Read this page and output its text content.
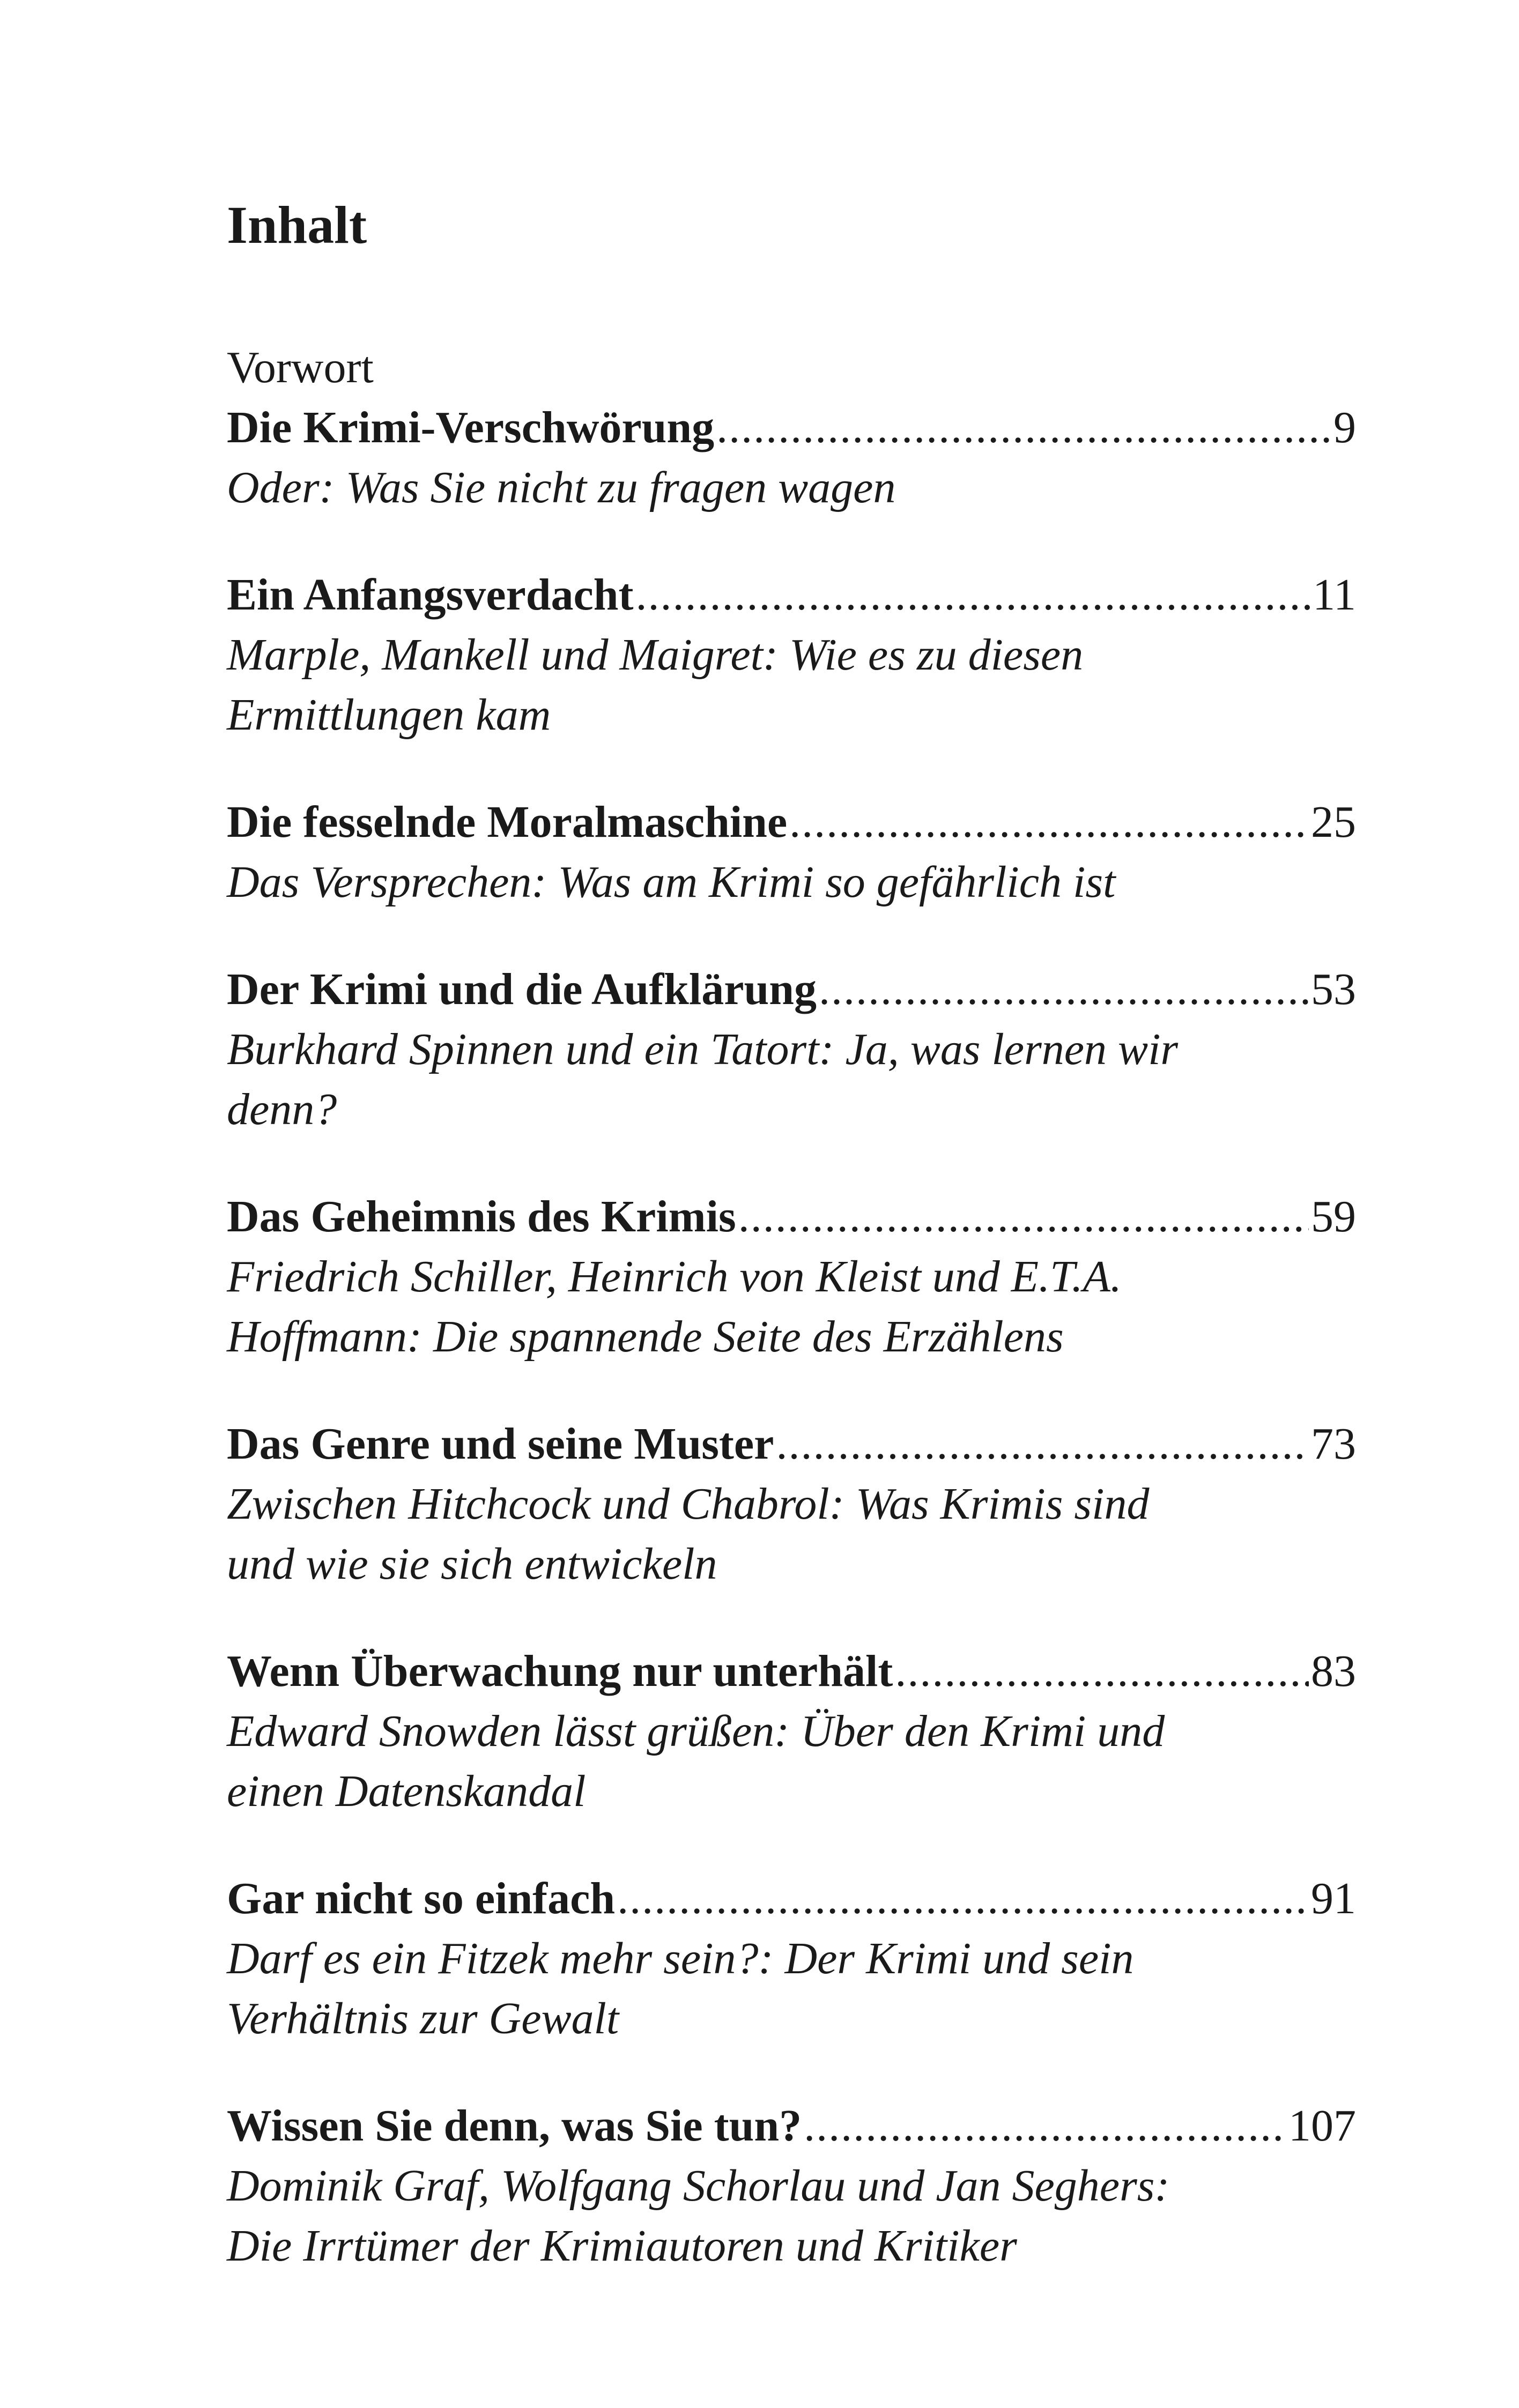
Inhalt
Vorwort
Die Krimi-Verschwörung .....	9
Oder: Was Sie nicht zu fragen wagen
Ein Anfangsverdacht .....	11
Marple, Mankell und Maigret: Wie es zu diesen
Ermittlungen kam
Die fesselnde Moralmaschine .....	25
Das Versprechen: Was am Krimi so gefährlich ist
Der Krimi und die Aufklärung .....	53
Burkhard Spinnen und ein Tatort: Ja, was lernen wir
denn?
Das Geheimnis des Krimis .....	59
Friedrich Schiller, Heinrich von Kleist und E.T.A.
Hoffmann: Die spannende Seite des Erzählens
Das Genre und seine Muster .....	73
Zwischen Hitchcock und Chabrol: Was Krimis sind
und wie sie sich entwickeln
Wenn Überwachung nur unterhält .....	83
Edward Snowden lässt grüßen: Über den Krimi und
einen Datenskandal
Gar nicht so einfach .....	91
Darf es ein Fitzek mehr sein?: Der Krimi und sein
Verhältnis zur Gewalt
Wissen Sie denn, was Sie tun? .....	107
Dominik Graf, Wolfgang Schorlau und Jan Seghers:
Die Irrtümer der Krimiautoren und Kritiker
